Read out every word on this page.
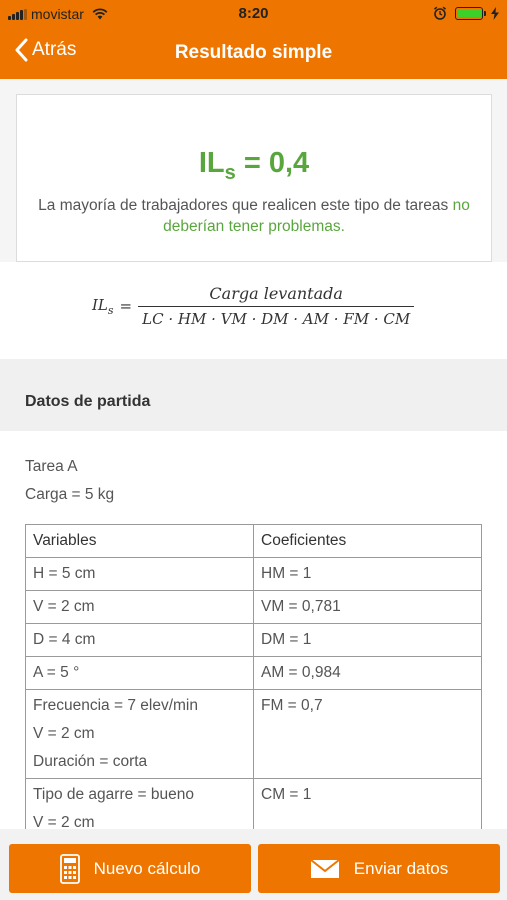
movistar	8:20
Atrás	Resultado simple
$IL_s = 0,4$
La mayoría de trabajadores que realicen este tipo de tareas no deberían tener problemas.
$IL_s = \frac{\text{Carga levantada}}{LC \cdot HM \cdot VM \cdot DM \cdot AM \cdot FM \cdot CM}$
Datos de partida
Tarea A
Carga = 5 kg
Variables	Coeficientes
H = 5 cm	HM = 1
V = 2 cm	VM = 0,781
D = 4 cm	DM = 1
A = 5 °	AM = 0,984

Frecuencia = 7 elev/min
V = 2 cm
Duración = corta	FM = 0,7

Tipo de agarre = bueno
V = 2 cm	CM = 1
Nuevo cálculo	Enviar datos
